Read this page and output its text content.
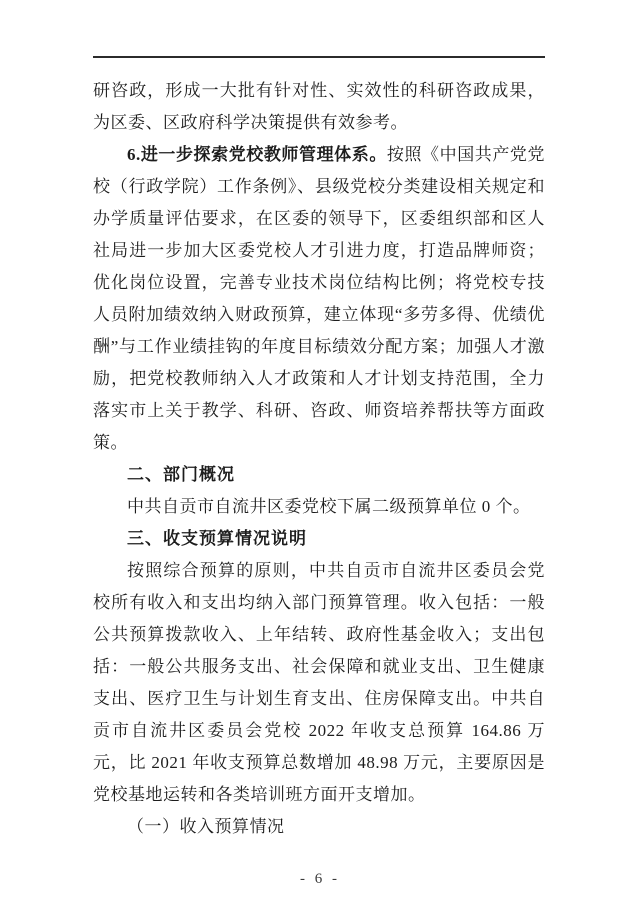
研咨政，形成一大批有针对性、实效性的科研咨政成果，为区委、区政府科学决策提供有效参考。

6.进一步探索党校教师管理体系。按照《中国共产党党校（行政学院）工作条例》、县级党校分类建设相关规定和办学质量评估要求，在区委的领导下，区委组织部和区人社局进一步加大区委党校人才引进力度，打造品牌师资；优化岗位设置，完善专业技术岗位结构比例；将党校专技人员附加绩效纳入财政预算，建立体现“多劳多得、优绩优酬”与工作业绩挂钩的年度目标绩效分配方案；加强人才激励，把党校教师纳入人才政策和人才计划支持范围，全力落实市上关于教学、科研、咨政、师资培养帮扶等方面政策。

二、部门概况

中共自贡市自流井区委党校下属二级预算单位 0 个。

三、收支预算情况说明

按照综合预算的原则，中共自贡市自流井区委员会党校所有收入和支出均纳入部门预算管理。收入包括：一般公共预算拨款收入、上年结转、政府性基金收入；支出包括：一般公共服务支出、社会保障和就业支出、卫生健康支出、医疗卫生与计划生育支出、住房保障支出。中共自贡市自流井区委员会党校 2022 年收支总预算 164.86 万元，比 2021 年收支预算总数增加 48.98 万元，主要原因是党校基地运转和各类培训班方面开支增加。

（一）收入预算情况

- 6 -
